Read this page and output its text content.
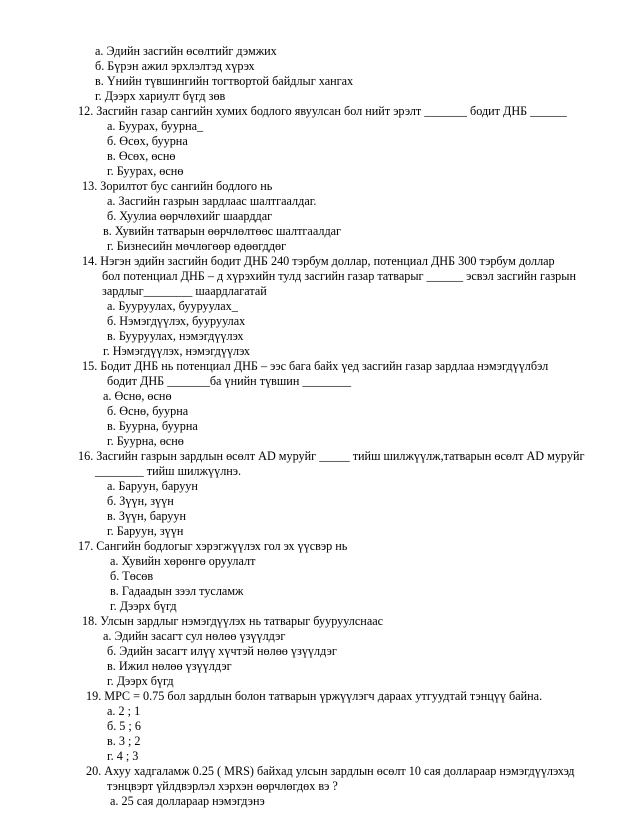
а. Эдийн засгийн өсөлтийг дэмжих
б. Бүрэн ажил эрхлэлтэд хүрэх
в. Үнийн түвшингийн тогтвортой байдлыг хангах
г. Дээрх хариулт бүгд зөв
12. Засгийн газар сангийн хумих бодлого явуулсан бол нийт эрэлт _______ бодит ДНБ ______
а. Буурах, буурна_
б. Өсөх, буурна
в. Өсөх, өснө
г. Буурах, өснө
13. Зорилтот бус сангийн бодлого нь
а. Засгийн газрын зардлаас шалтгаалдаг.
б. Хуулиа өөрчлөхийг шаарддаг
в. Хувийн татварын өөрчлөлтөөс шалтгаалдаг
г. Бизнесийн мөчлөгөөр өдөөгддөг
14. Нэгэн эдийн засгийн бодит ДНБ 240 тэрбум доллар, потенциал ДНБ 300 тэрбум доллар
бол потенциал ДНБ – д хүрэхийн тулд засгийн газар татварыг ______ эсвэл засгийн газрын
зардлыг________ шаардлагатай
а. Бууруулах, бууруулах_
б. Нэмэгдүүлэх, бууруулах
в. Бууруулах, нэмэгдүүлэх
г. Нэмэгдүүлэх, нэмэгдүүлэх
15. Бодит ДНБ нь потенциал ДНБ – ээс бага байх үед засгийн газар зардлаа нэмэгдүүлбэл
бодит ДНБ _______ба үнийн түвшин ________
а. Өснө, өснө
б. Өснө, буурна
в. Буурна, буурна
г. Буурна, өснө
16. Засгийн газрын зардлын өсөлт AD муруйг _____ тийш шилжүүлж,татварын өсөлт AD муруйг
________ тийш шилжүүлнэ.
а. Баруун, баруун
б. Зүүн, зүүн
в. Зүүн, баруун
г. Баруун, зүүн
17. Сангийн бодлогыг хэрэгжүүлэх гол эх үүсвэр нь
а. Хувийн хөрөнгө оруулалт
б. Төсөв
в. Гадаадын зээл тусламж
г. Дээрх бүгд
18. Улсын зардлыг нэмэгдүүлэх нь татварыг бууруулснаас
а. Эдийн засагт сул нөлөө үзүүлдэг
б. Эдийн засагт илүү хүчтэй нөлөө үзүүлдэг
в. Ижил нөлөө үзүүлдэг
г. Дээрх бүгд
19. MPC = 0.75 бол зардлын болон татварын үржүүлэгч дараах утгуудтай тэнцүү байна.
а. 2 ; 1
б. 5 ; 6
в. 3 ; 2
г. 4 ; 3
20. Ахуу хадгаламж 0.25 ( MRS) байхад улсын зардлын өсөлт 10 сая доллараар нэмэгдүүлэхэд
тэнцвэрт үйлдвэрлэл хэрхэн өөрчлөгдөх вэ ?
а. 25 сая доллараар нэмэгдэнэ
